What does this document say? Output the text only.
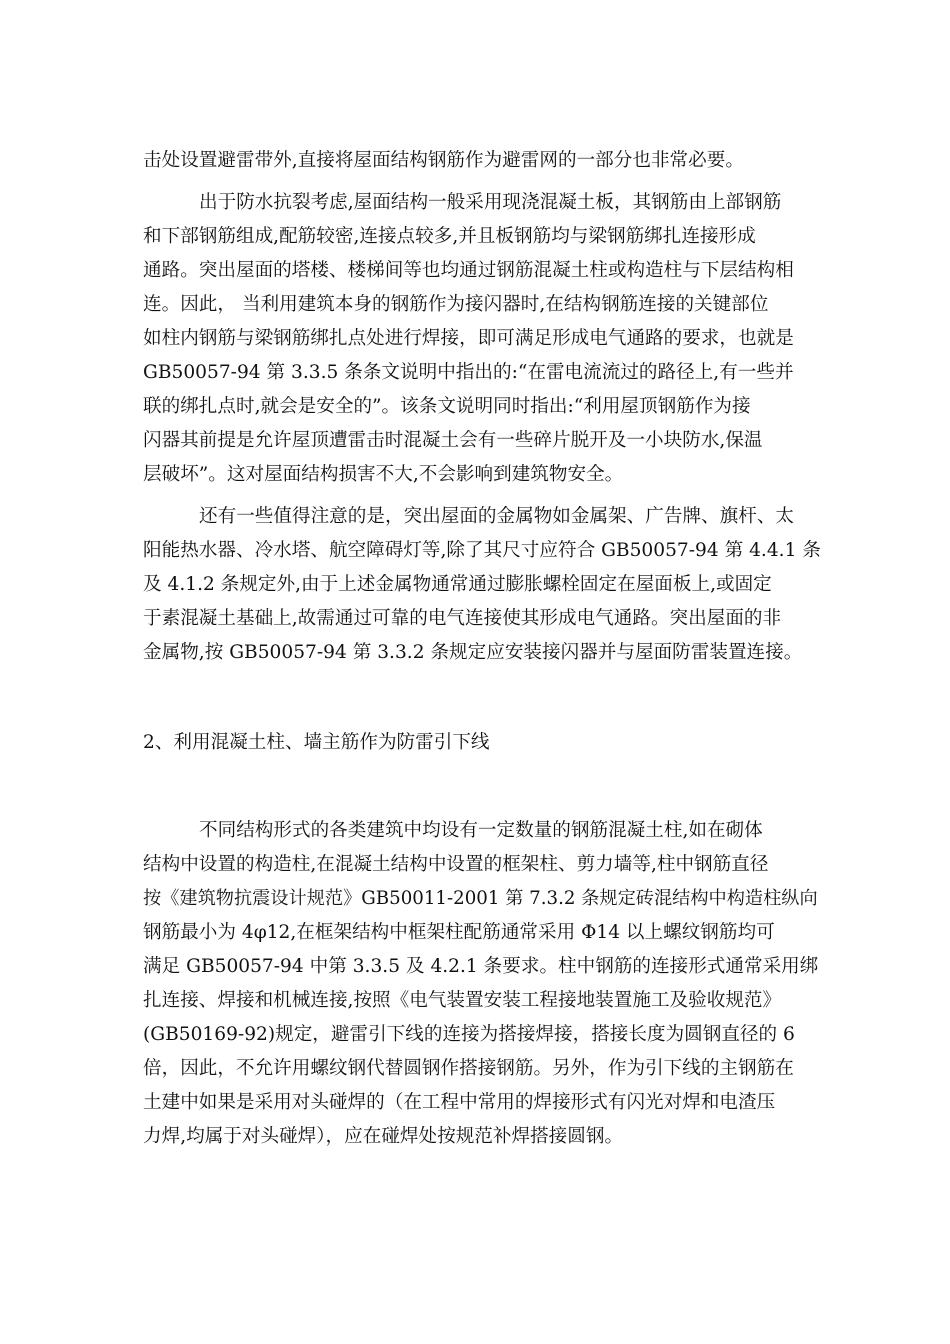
击处设置避雷带外,直接将屋面结构钢筋作为避雷网的一部分也非常必要。
出于防水抗裂考虑,屋面结构一般采用现浇混凝土板，其钢筋由上部钢筋
和下部钢筋组成,配筋较密,连接点较多,并且板钢筋均与梁钢筋绑扎连接形成
通路。突出屋面的塔楼、楼梯间等也均通过钢筋混凝土柱或构造柱与下层结构相
连。因此， 当利用建筑本身的钢筋作为接闪器时,在结构钢筋连接的关键部位
如柱内钢筋与梁钢筋绑扎点处进行焊接，即可满足形成电气通路的要求，也就是
GB50057-94 第 3.3.5 条条文说明中指出的:“在雷电流流过的路径上,有一些并
联的绑扎点时,就会是安全的”。该条文说明同时指出:“利用屋顶钢筋作为接
闪器其前提是允许屋顶遭雷击时混凝土会有一些碎片脱开及一小块防水,保温
层破坏”。这对屋面结构损害不大,不会影响到建筑物安全。
还有一些值得注意的是，突出屋面的金属物如金属架、广告牌、旗杆、太
阳能热水器、冷水塔、航空障碍灯等,除了其尺寸应符合 GB50057-94 第 4.4.1 条
及 4.1.2 条规定外,由于上述金属物通常通过膨胀螺栓固定在屋面板上,或固定
于素混凝土基础上,故需通过可靠的电气连接使其形成电气通路。突出屋面的非
金属物,按 GB50057-94 第 3.3.2 条规定应安装接闪器并与屋面防雷装置连接。
2、利用混凝土柱、墙主筋作为防雷引下线
不同结构形式的各类建筑中均设有一定数量的钢筋混凝土柱,如在砌体
结构中设置的构造柱,在混凝土结构中设置的框架柱、剪力墙等,柱中钢筋直径
按《建筑物抗震设计规范》GB50011-2001 第 7.3.2 条规定砖混结构中构造柱纵向
钢筋最小为 4φ12,在框架结构中框架柱配筋通常采用 Φ14 以上螺纹钢筋均可
满足 GB50057-94 中第 3.3.5 及 4.2.1 条要求。柱中钢筋的连接形式通常采用绑
扎连接、焊接和机械连接,按照《电气装置安装工程接地装置施工及验收规范》
(GB50169-92)规定，避雷引下线的连接为搭接焊接，搭接长度为圆钢直径的 6
倍，因此，不允许用螺纹钢代替圆钢作搭接钢筋。另外，作为引下线的主钢筋在
土建中如果是采用对头碰焊的（在工程中常用的焊接形式有闪光对焊和电渣压
力焊,均属于对头碰焊），应在碰焊处按规范补焊搭接圆钢。
